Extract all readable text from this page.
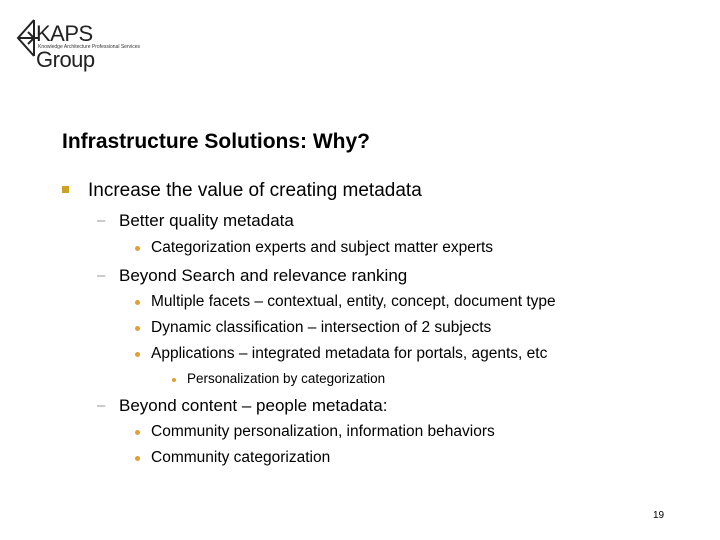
KAPS Group
Knowledge Architecture Professional Services
Infrastructure Solutions: Why?
Increase the value of creating metadata
– Better quality metadata
Categorization experts and subject matter experts
– Beyond Search and relevance ranking
Multiple facets – contextual, entity, concept, document type
Dynamic classification – intersection of 2 subjects
Applications – integrated metadata for portals, agents, etc
Personalization by categorization
– Beyond content – people metadata:
Community personalization, information behaviors
Community categorization
19
